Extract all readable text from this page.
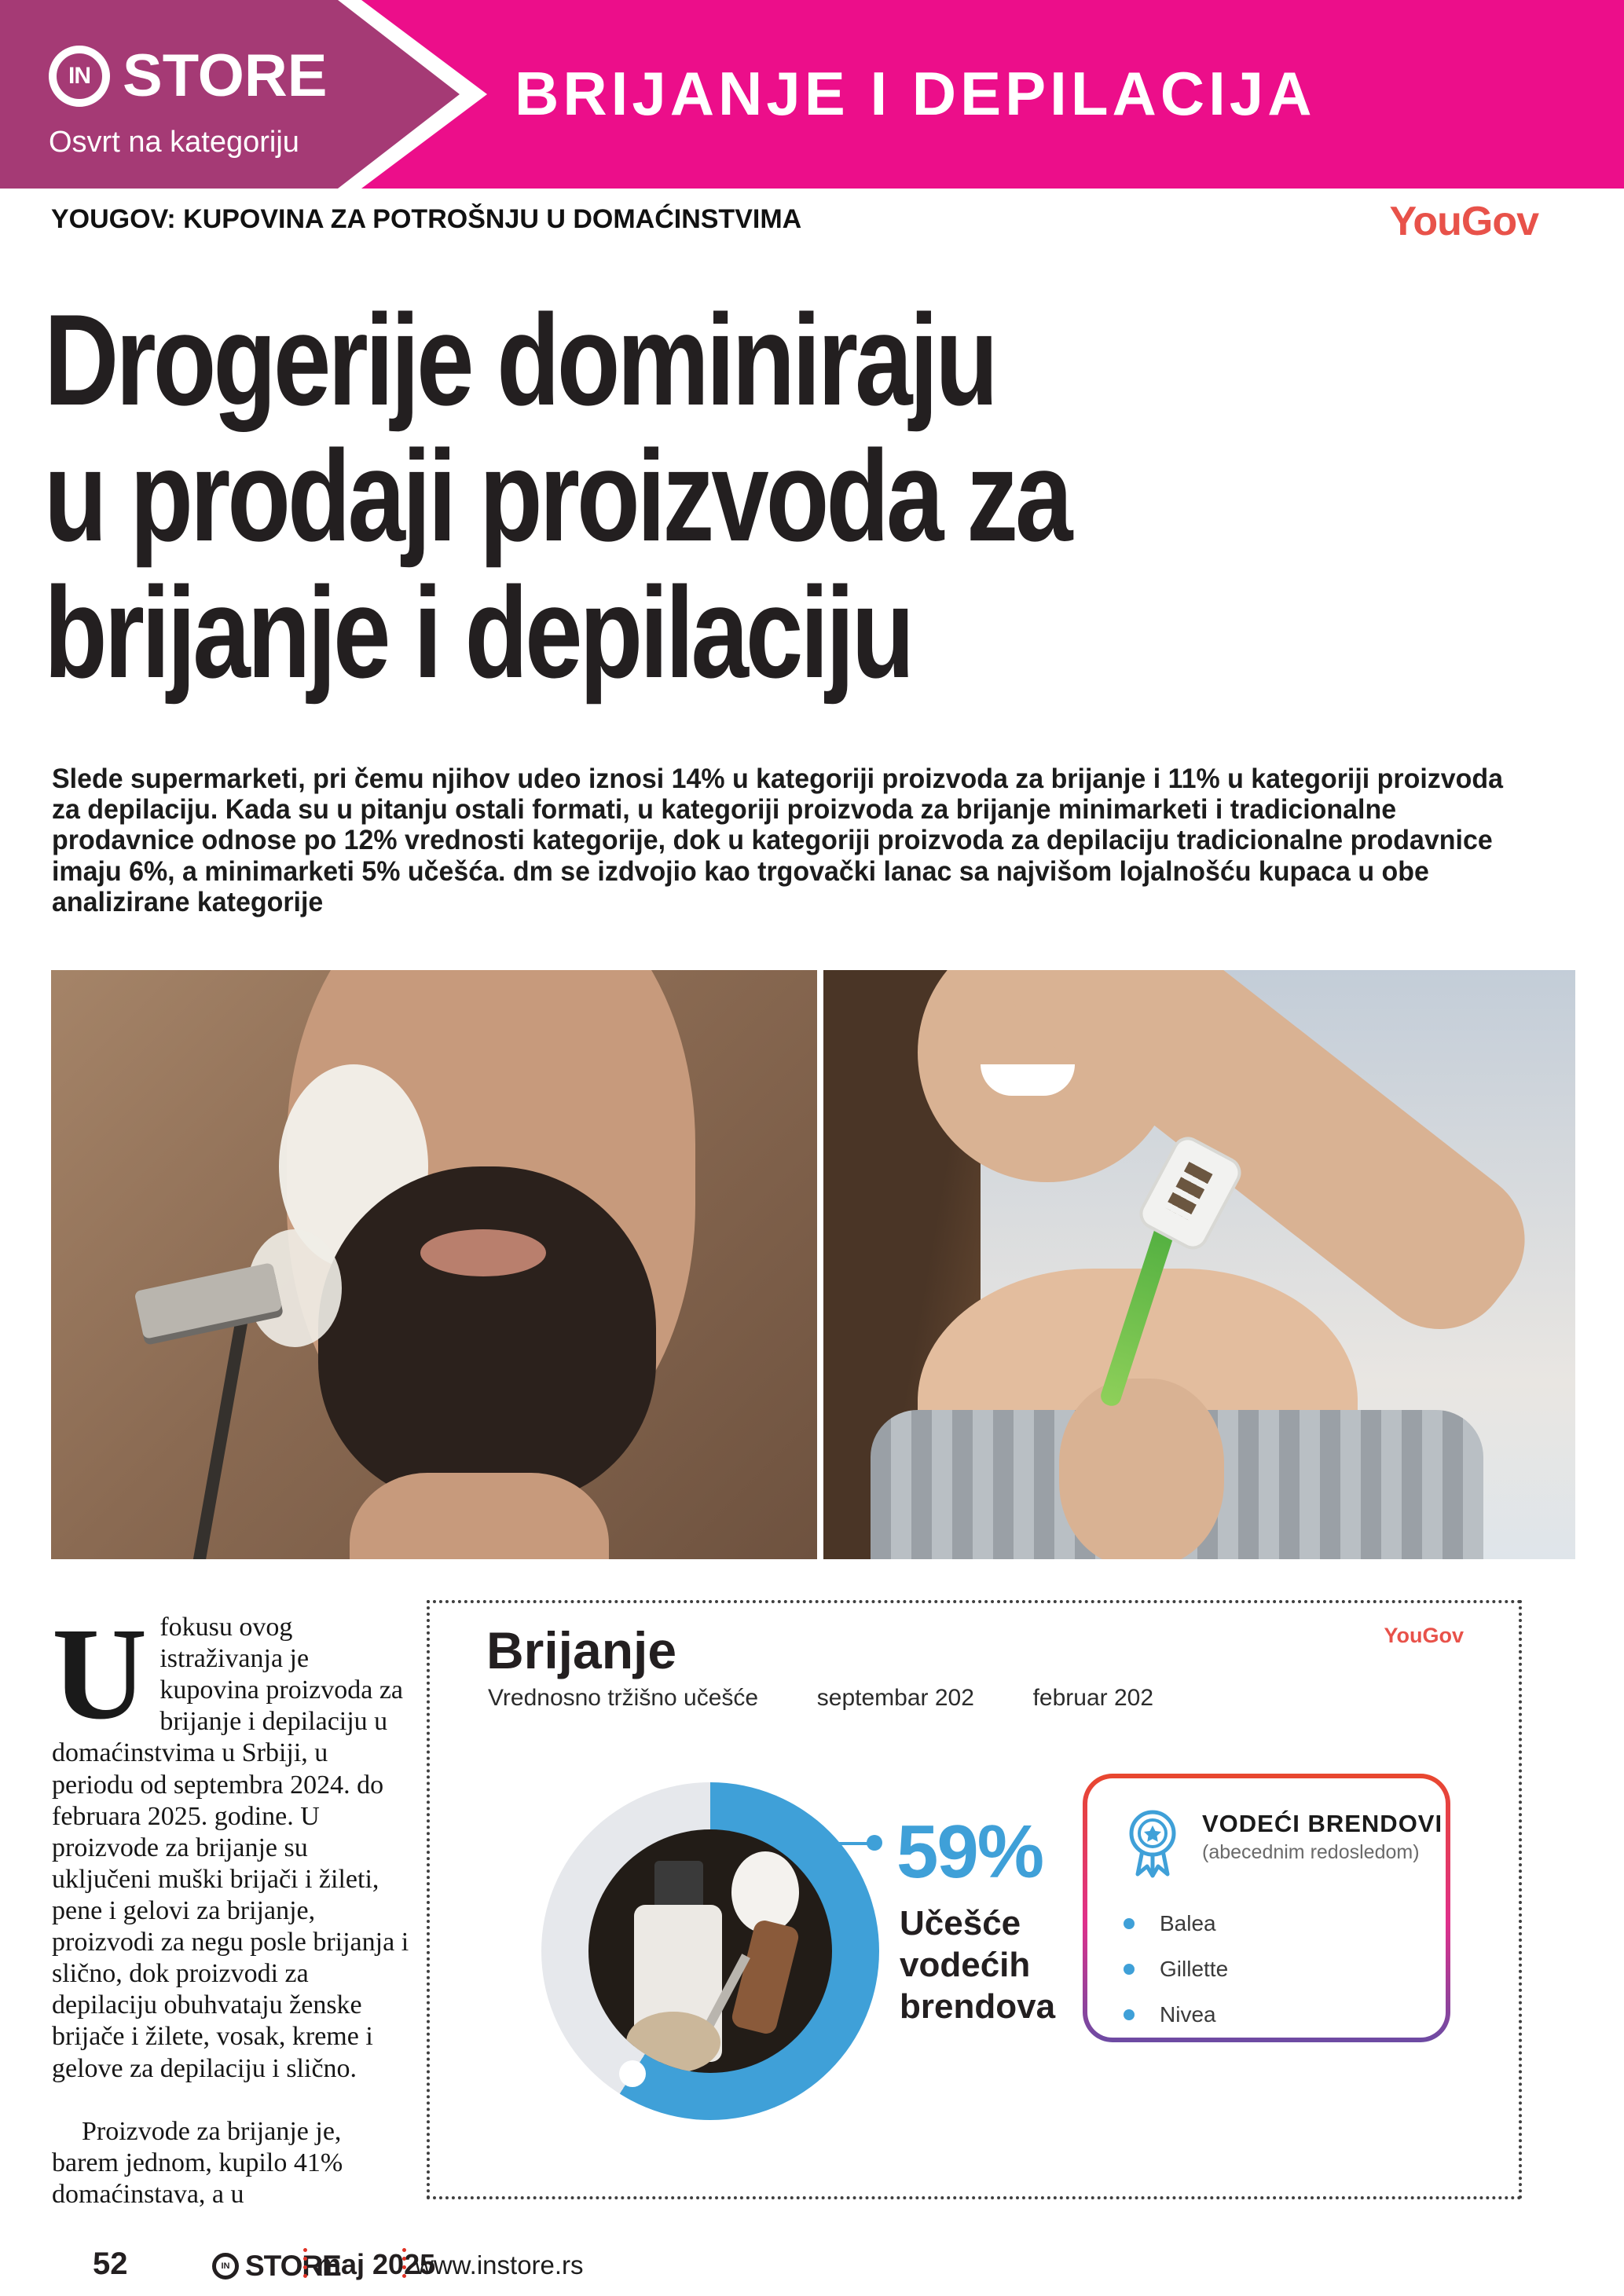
IN STORE
Osvrt na kategoriju
BRIJANJE I DEPILACIJA
YOUGOV: KUPOVINA ZA POTROŠNJU U DOMAĆINSTVIMA	YouGov
Drogerije dominiraju
u prodaji proizvoda za
brijanje i depilaciju
Slede supermarketi, pri čemu njihov udeo iznosi 14% u kategoriji proizvoda za brijanje i 11% u kategoriji proizvoda za depilaciju. Kada su u pitanju ostali formati, u kategoriji proizvoda za brijanje minimarketi i tradicionalne prodavnice odnose po 12% vrednosti kategorije, dok u kategoriji proizvoda za depilaciju tradicionalne prodavnice imaju 6%, a minimarketi 5% učešća. dm se izdvojio kao trgovački lanac sa najvišom lojalnošću kupaca u obe analizirane kategorije

Ufokusu ovog istraživanja je kupovina proizvoda za brijanje i depilaciju u domaćinstvima u Srbiji, u periodu od septembra 2024. do februara 2025. godine. U proizvode za brijanje su uključeni muški brijači i žileti, pene i gelovi za brijanje, proizvodi za negu posle brijanja i slično, dok proizvodi za depilaciju obuhvataju ženske brijače i žilete, vosak, kreme i gelove za depilaciju i slično.

Proizvode za brijanje je, barem jednom, kupilo 41% domaćinstava, a u

Brijanje
Vrednosno tržišno učešće septembar 202 februar 202
YouGov
59%
Učešće
vodećih
brendova
VODEĆI BRENDOVI
(abecednim redosledom)
Balea
Gillette
Nivea
52	IN STORE
maj 2025
www.instore.rs
